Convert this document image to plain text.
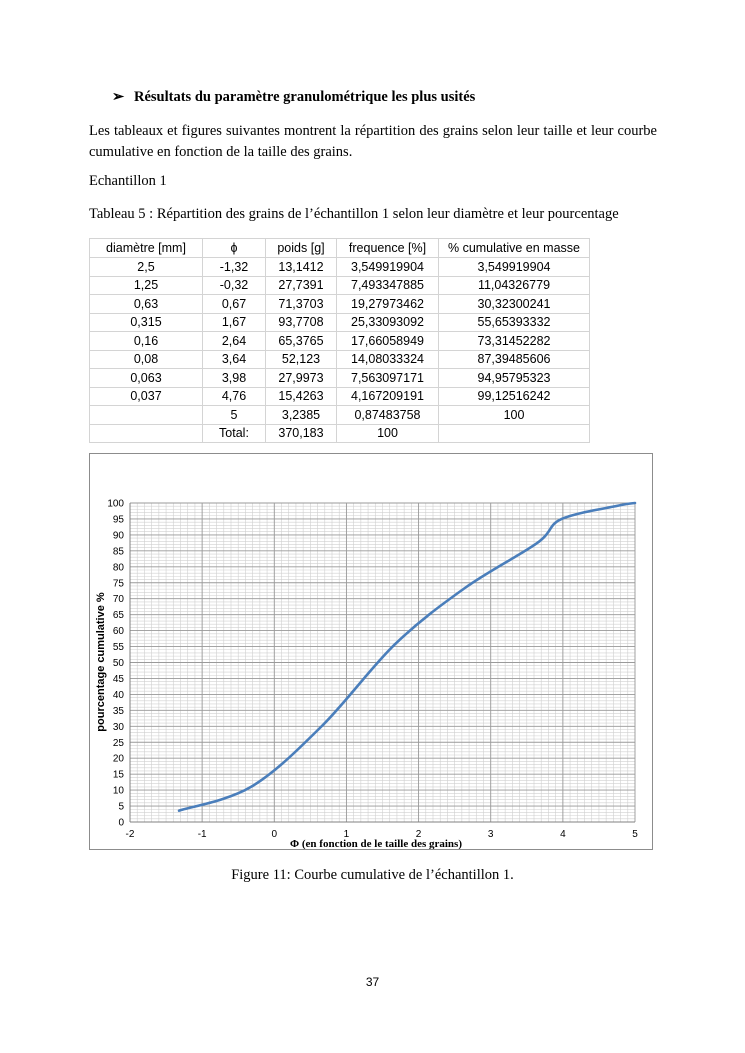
➢ Résultats du paramètre granulométrique les plus usités
Les tableaux et figures suivantes montrent la répartition des grains selon leur taille et leur courbe cumulative en fonction de la taille des grains.
Echantillon 1
Tableau 5 : Répartition des grains de l’échantillon 1 selon leur diamètre et leur pourcentage
diamètre [mm]	ϕ	poids [g]	frequence [%]	% cumulative en masse
2,5	-1,32	13,1412	3,549919904	3,549919904
1,25	-0,32	27,7391	7,493347885	11,04326779
0,63	0,67	71,3703	19,27973462	30,32300241
0,315	1,67	93,7708	25,33093092	55,65393332
0,16	2,64	65,3765	17,66058949	73,31452282
0,08	3,64	52,123	14,08033324	87,39485606
0,063	3,98	27,9973	7,563097171	94,95795323
0,037	4,76	15,4263	4,167209191	99,12516242
	5	3,2385	0,87483758	100
	Total:	370,183	100	
0
5
10
15
20
25
30
35
40
45
50
55
60
65
70
75
80
85
90
95
100
-2	-1	0	1	2	3	4	5
Φ (en fonction de le taille des grains)
pourcentage cumulative %
Figure 11: Courbe cumulative de l’échantillon 1.
37
